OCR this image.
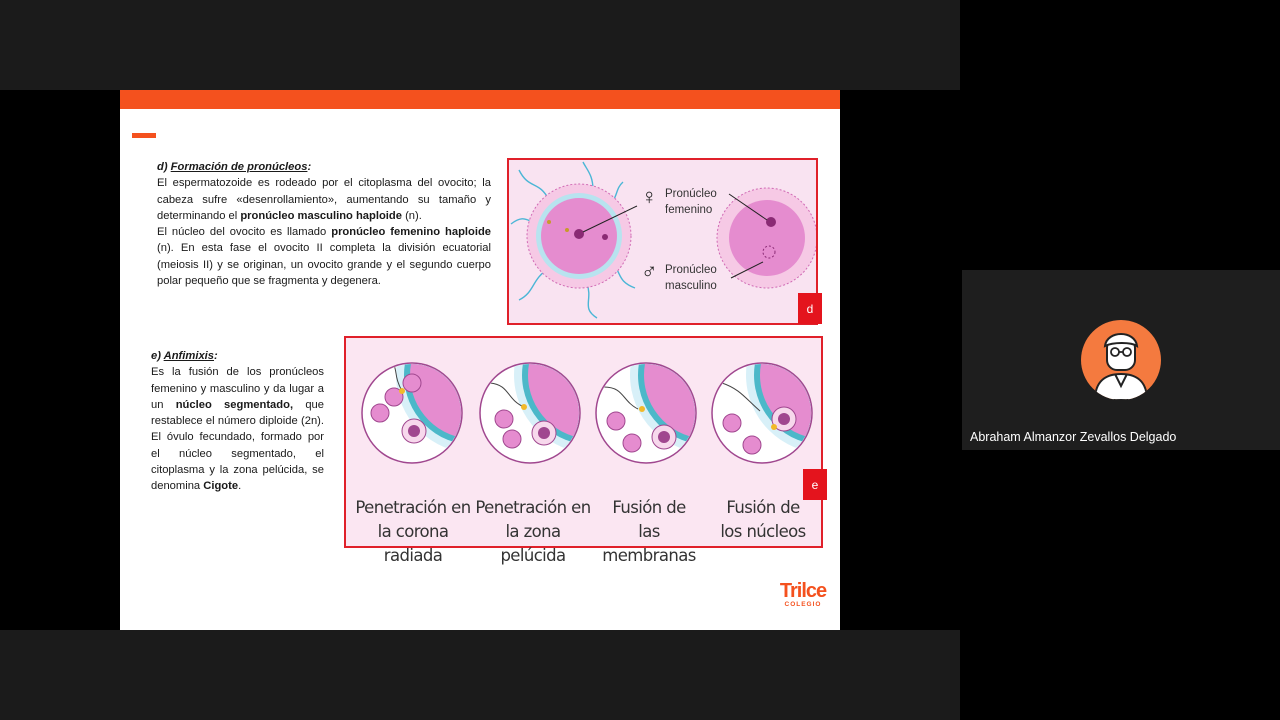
d) Formación de pronúcleos:
El espermatozoide es rodeado por el citoplasma del ovocito; la cabeza sufre «desenrollamiento», aumentando su tamaño y determinando el pronúcleo masculino haploide (n).
El núcleo del ovocito es llamado pronúcleo femenino haploide (n). En esta fase el ovocito II completa la división ecuatorial (meiosis II) y se originan, un ovocito grande y el segundo cuerpo polar pequeño que se fragmenta y degenera.
e) Anfimixis:
Es la fusión de los pronúcleos femenino y masculino y da lugar a un núcleo segmentado, que restablece el número diploide (2n). El óvulo fecundado, formado por el núcleo segmentado, el citoplasma y la zona pelúcida, se denomina Cigote.
♀
♂
Pronúcleo
femenino
Pronúcleo
masculino
d
Penetración en
la corona radiada
Penetración en
la zona pelúcida
Fusión de
las membranas
Fusión de
los núcleos
e
Trilce
COLEGIO
Abraham Almanzor Zevallos Delgado
